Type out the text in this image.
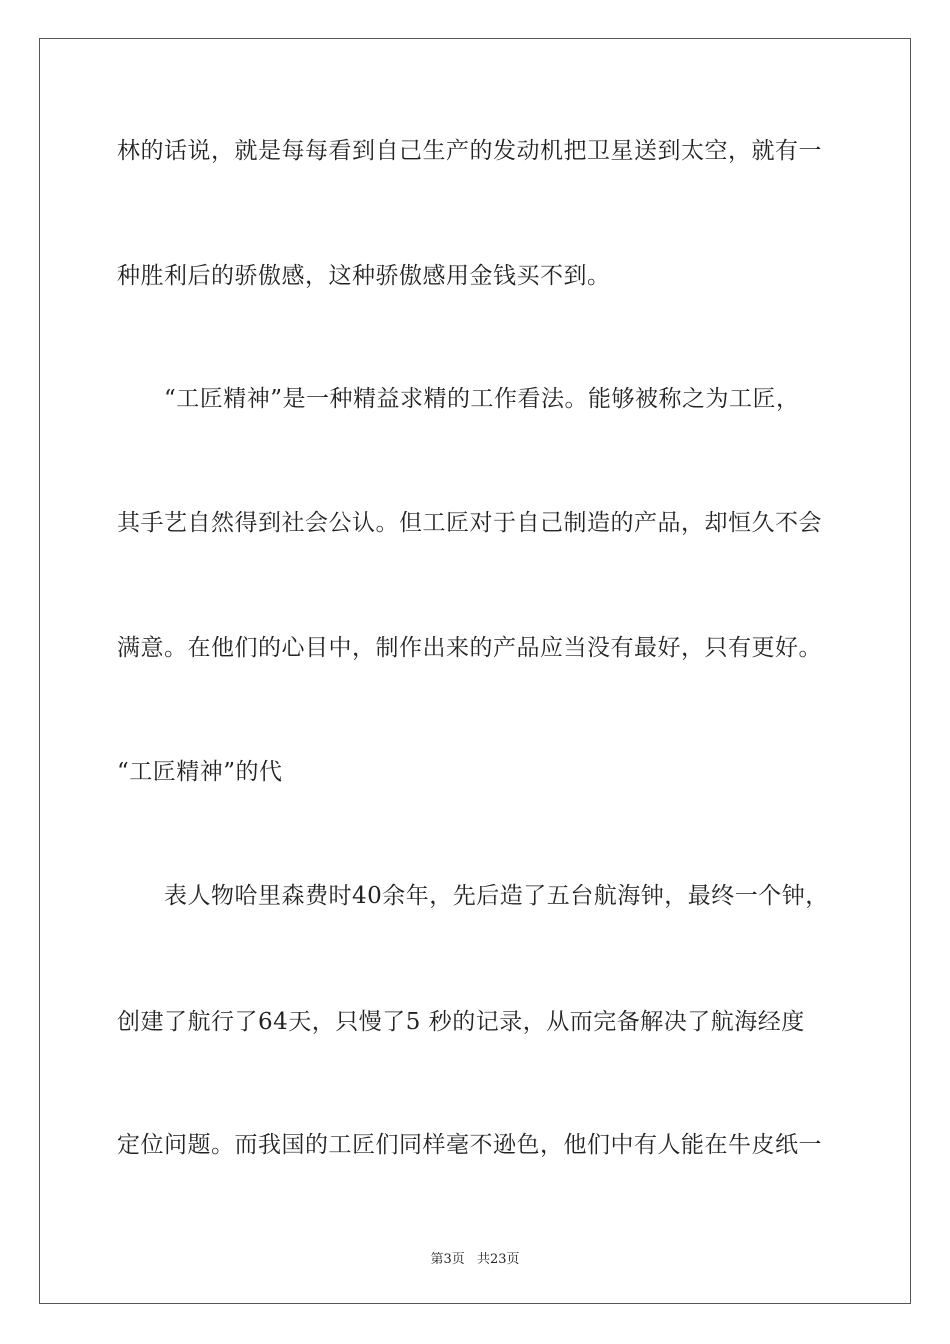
林的话说，就是每每看到自己生产的发动机把卫星送到太空，就有一
种胜利后的骄傲感，这种骄傲感用金钱买不到。
　　“工匠精神”是一种精益求精的工作看法。能够被称之为工匠，
其手艺自然得到社会公认。但工匠对于自己制造的产品，却恒久不会
满意。在他们的心目中，制作出来的产品应当没有最好，只有更好。
“工匠精神”的代
　　表人物哈里森费时40余年，先后造了五台航海钟，最终一个钟，
创建了航行了64天，只慢了5 秒的记录，从而完备解决了航海经度
定位问题。而我国的工匠们同样毫不逊色，他们中有人能在牛皮纸一
第3页 共23页
